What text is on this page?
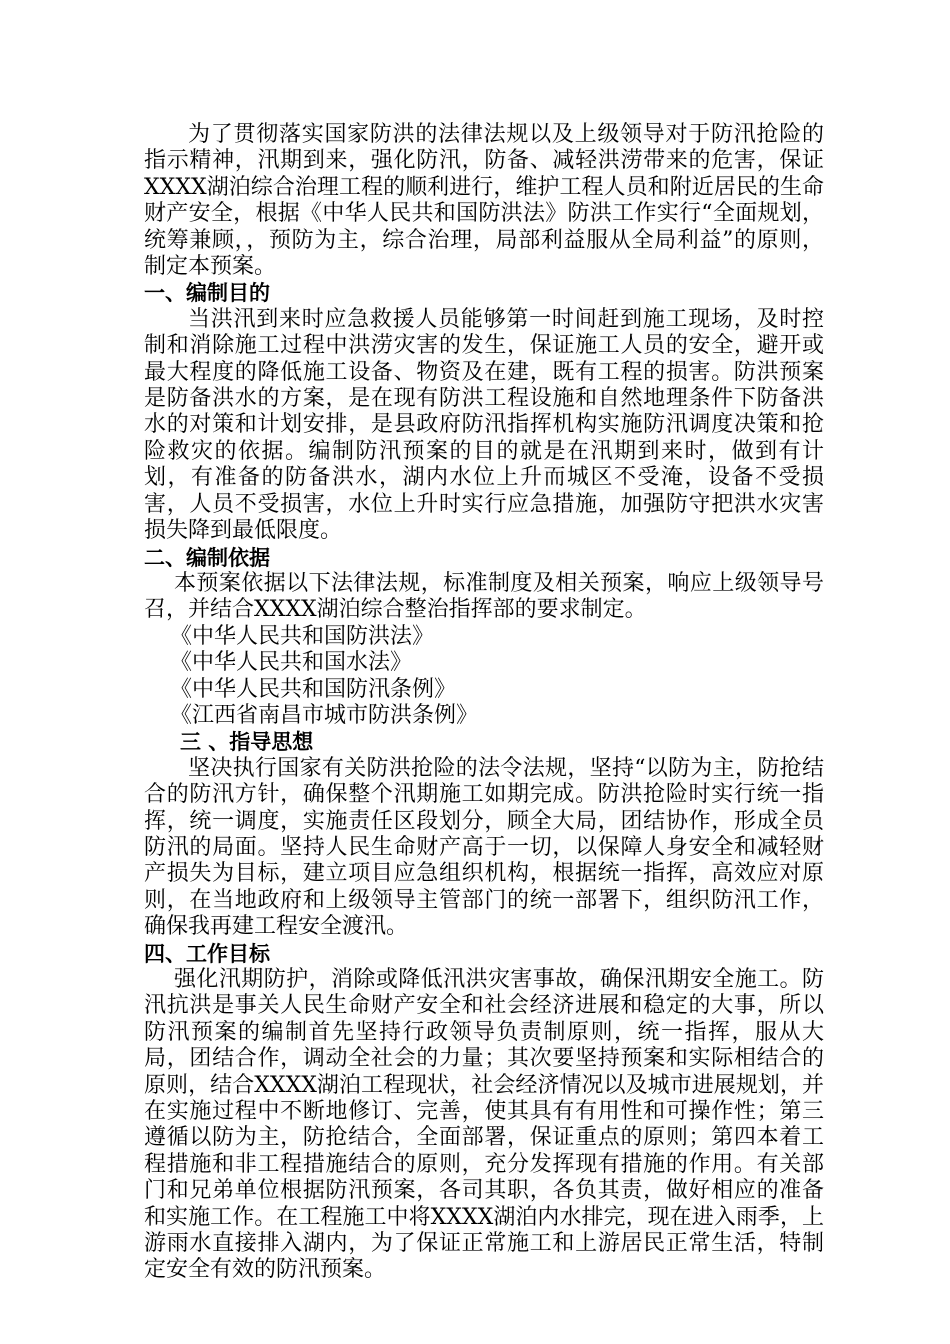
为了贯彻落实国家防洪的法律法规以及上级领导对于防汛抢险的指示精神，汛期到来，强化防汛，防备、减轻洪涝带来的危害，保证XXXX湖泊综合治理工程的顺利进行，维护工程人员和附近居民的生命财产安全，根据《中华人民共和国防洪法》防洪工作实行“全面规划，统筹兼顾，，预防为主，综合治理，局部利益服从全局利益”的原则，制定本预案。

一、编制目的

当洪汛到来时应急救援人员能够第一时间赶到施工现场，及时控制和消除施工过程中洪涝灾害的发生，保证施工人员的安全，避开或最大程度的降低施工设备、物资及在建，既有工程的损害。防洪预案是防备洪水的方案，是在现有防洪工程设施和自然地理条件下防备洪水的对策和计划安排，是县政府防汛指挥机构实施防汛调度决策和抢险救灾的依据。编制防汛预案的目的就是在汛期到来时，做到有计划，有准备的防备洪水，湖内水位上升而城区不受淹，设备不受损害，人员不受损害，水位上升时实行应急措施，加强防守把洪水灾害损失降到最低限度。

二、编制依据

本预案依据以下法律法规，标准制度及相关预案，响应上级领导号召，并结合XXXX湖泊综合整治指挥部的要求制定。

《中华人民共和国防洪法》
《中华人民共和国水法》
《中华人民共和国防汛条例》
《江西省南昌市城市防洪条例》
三 、指导思想

坚决执行国家有关防洪抢险的法令法规，坚持“以防为主，防抢结合的防汛方针，确保整个汛期施工如期完成。防洪抢险时实行统一指挥，统一调度，实施责任区段划分，顾全大局，团结协作，形成全员防汛的局面。坚持人民生命财产高于一切，以保障人身安全和减轻财产损失为目标，建立项目应急组织机构，根据统一指挥，高效应对原则，在当地政府和上级领导主管部门的统一部署下，组织防汛工作，确保我再建工程安全渡汛。

四、工作目标

强化汛期防护，消除或降低汛洪灾害事故，确保汛期安全施工。防汛抗洪是事关人民生命财产安全和社会经济进展和稳定的大事，所以防汛预案的编制首先坚持行政领导负责制原则，统一指挥，服从大局，团结合作，调动全社会的力量；其次要坚持预案和实际相结合的原则，结合XXXX湖泊工程现状，社会经济情况以及城市进展规划，并在实施过程中不断地修订、完善，使其具有有用性和可操作性；第三遵循以防为主，防抢结合，全面部署，保证重点的原则；第四本着工程措施和非工程措施结合的原则，充分发挥现有措施的作用。有关部门和兄弟单位根据防汛预案，各司其职，各负其责，做好相应的准备和实施工作。在工程施工中将XXXX湖泊内水排完，现在进入雨季，上游雨水直接排入湖内，为了保证正常施工和上游居民正常生活，特制定安全有效的防汛预案。
